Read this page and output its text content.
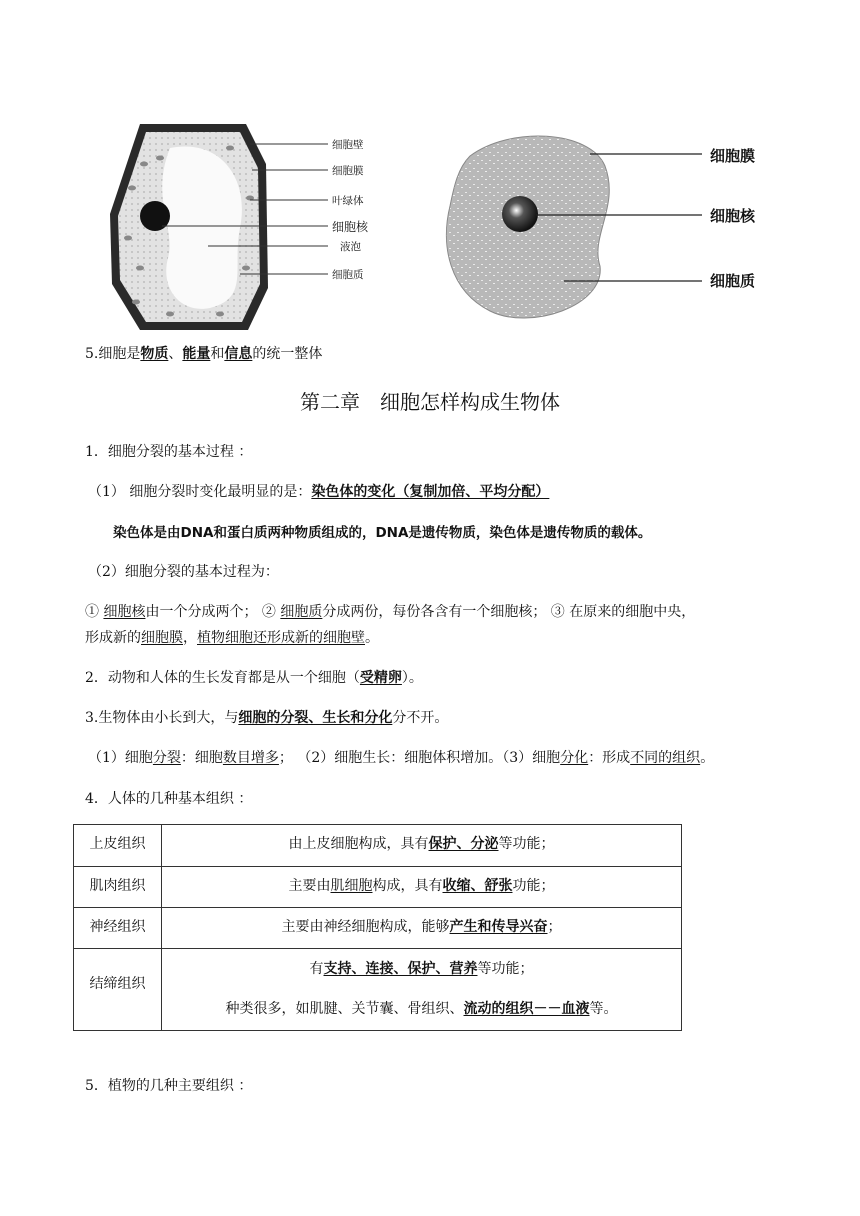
细胞壁
细胞膜
叶绿体
细胞核
液泡
细胞质
细胞膜
细胞核
细胞质
5.细胞是物质、能量和信息的统一整体
第二章　细胞怎样构成生物体
1．细胞分裂的基本过程 ：
（1） 细胞分裂时变化最明显的是：染色体的变化（复制加倍、平均分配）
染色体是由DNA和蛋白质两种物质组成的，DNA是遗传物质，染色体是遗传物质的载体。
（2）细胞分裂的基本过程为：
① 细胞核由一个分成两个； ② 细胞质分成两份，每份各含有一个细胞核； ③ 在原来的细胞中央，
形成新的细胞膜，植物细胞还形成新的细胞壁。
2．动物和人体的生长发育都是从一个细胞（受精卵）。
3.生物体由小长到大，与细胞的分裂、生长和分化分不开。
（1）细胞分裂：细胞数目增多； （2）细胞生长：细胞体积增加。（3）细胞分化：形成不同的组织。
4．人体的几种基本组织 ：
上皮组织	由上皮细胞构成，具有保护、分泌等功能；
肌肉组织	主要由肌细胞构成，具有收缩、舒张功能；
神经组织	主要由神经细胞构成，能够产生和传导兴奋；
结缔组织	有支持、连接、保护、营养等功能；
种类很多，如肌腱、关节囊、骨组织、流动的组织－－血液等。
5．植物的几种主要组织 ：
